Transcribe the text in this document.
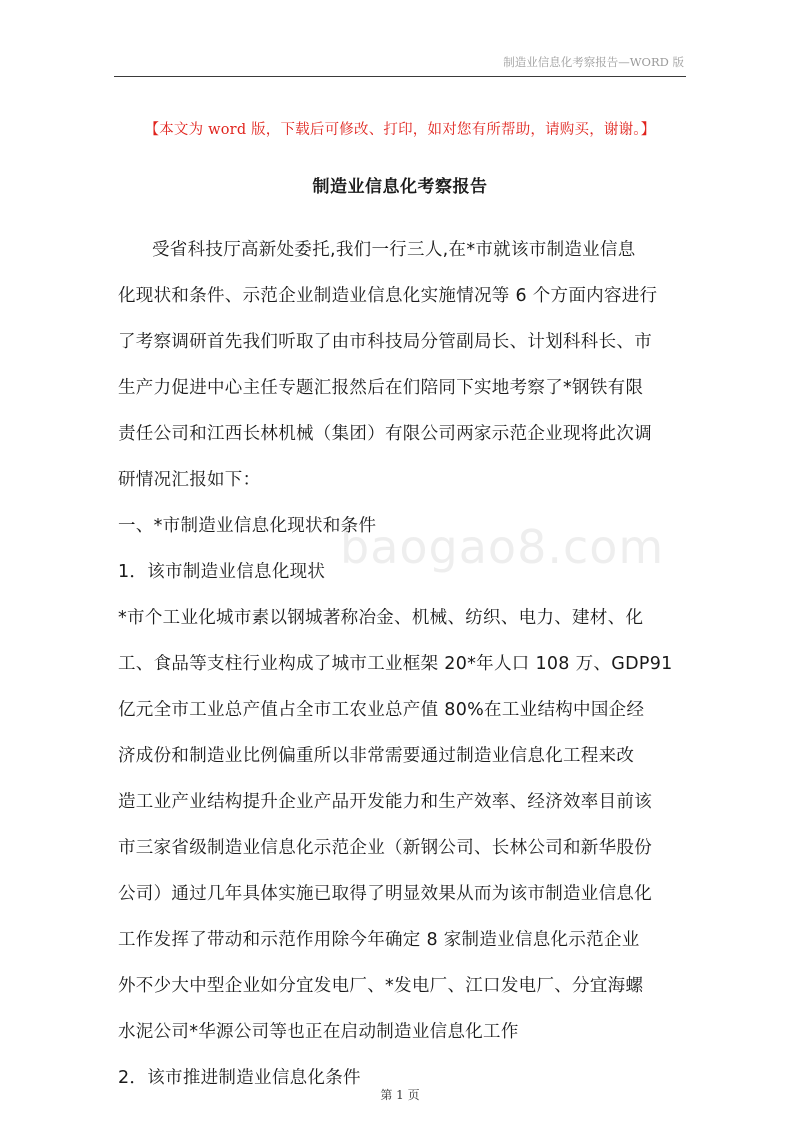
制造业信息化考察报告—WORD 版
【本文为 word 版，下载后可修改、打印，如对您有所帮助，请购买，谢谢。】
制造业信息化考察报告
baogao8.com
受省科技厅高新处委托,我们一行三人,在*市就该市制造业信息
化现状和条件、示范企业制造业信息化实施情况等 6 个方面内容进行
了考察调研首先我们听取了由市科技局分管副局长、计划科科长、市
生产力促进中心主任专题汇报然后在们陪同下实地考察了*钢铁有限
责任公司和江西长林机械（集团）有限公司两家示范企业现将此次调
研情况汇报如下：
一、*市制造业信息化现状和条件
1．该市制造业信息化现状
*市个工业化城市素以钢城著称冶金、机械、纺织、电力、建材、化
工、食品等支柱行业构成了城市工业框架 20*年人口 108 万、GDP91
亿元全市工业总产值占全市工农业总产值 80%在工业结构中国企经
济成份和制造业比例偏重所以非常需要通过制造业信息化工程来改
造工业产业结构提升企业产品开发能力和生产效率、经济效率目前该
市三家省级制造业信息化示范企业（新钢公司、长林公司和新华股份
公司）通过几年具体实施已取得了明显效果从而为该市制造业信息化
工作发挥了带动和示范作用除今年确定 8 家制造业信息化示范企业
外不少大中型企业如分宜发电厂、*发电厂、江口发电厂、分宜海螺
水泥公司*华源公司等也正在启动制造业信息化工作
2．该市推进制造业信息化条件
第 1 页
